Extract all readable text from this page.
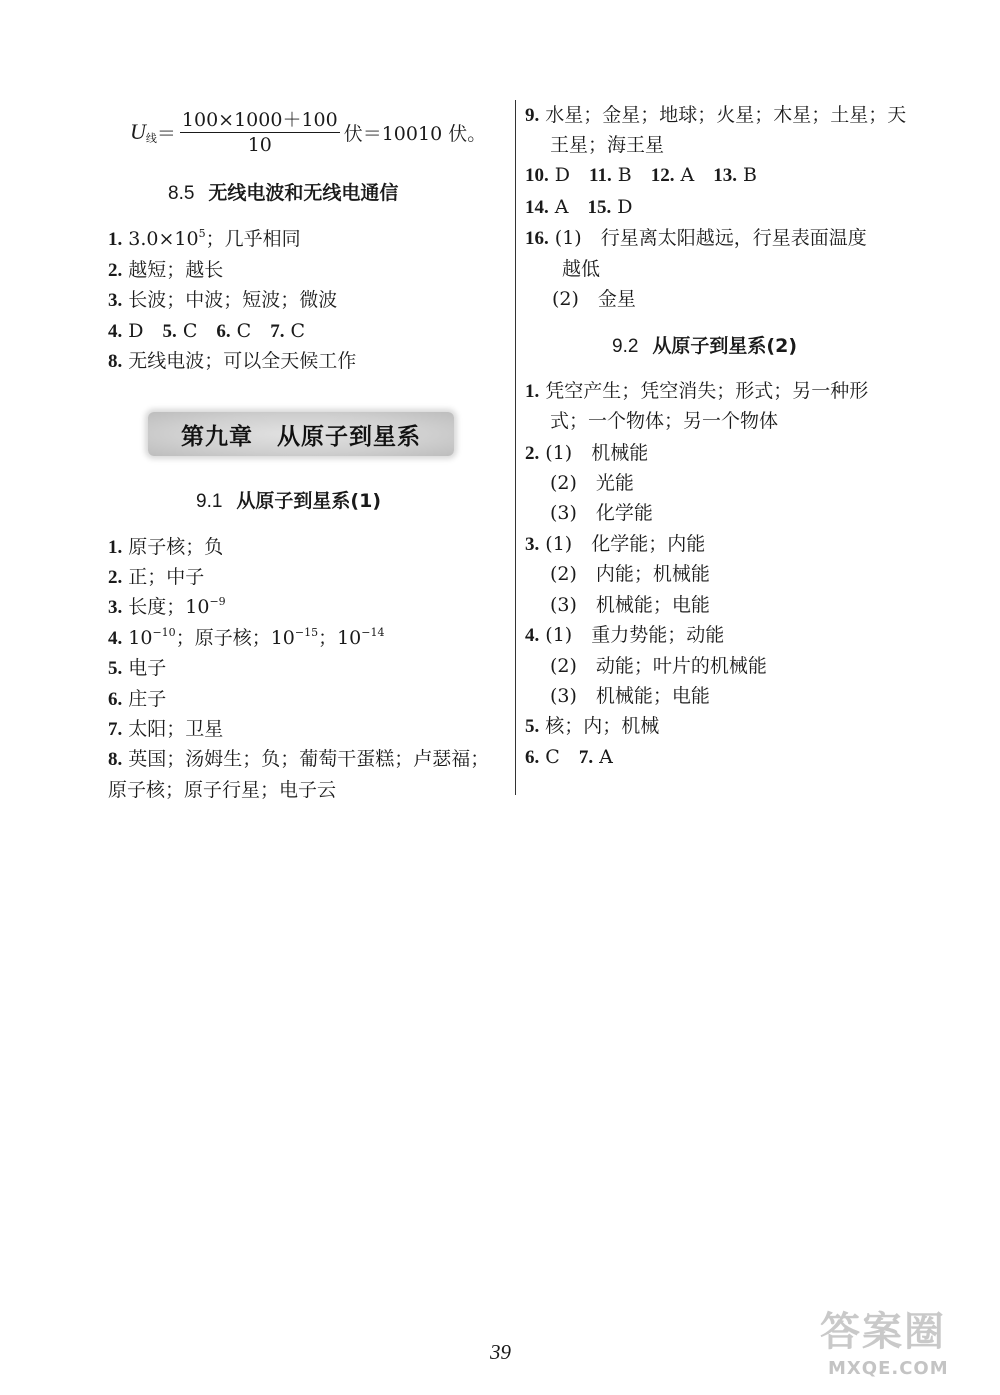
$U_线 = \frac{100\times 1000+100}{10}$ 伏＝10010 伏。
8.5 无线电波和无线电通信
1. $3.0\times 10^5$；几乎相同
2. 越短；越长
3. 长波；中波；短波；微波
4. D　5. C　6. C　7. C
8. 无线电波；可以全天候工作
第九章　从原子到星系
9.1 从原子到星系(1)
1. 原子核；负
2. 正；中子
3. 长度；$10^{-9}$
4. $10^{-10}$；原子核；$10^{-15}$；$10^{-14}$
5. 电子
6. 庄子
7. 太阳；卫星
8. 英国；汤姆生；负；葡萄干蛋糕；卢瑟福；
原子核；原子行星；电子云
9. 水星；金星；地球；火星；木星；土星；天
王星；海王星
10. D　11. B　12. A　13. B
14. A　15. D
16. (1)　行星离太阳越远，行星表面温度
越低
(2)　金星
9.2 从原子到星系(2)
1. 凭空产生；凭空消失；形式；另一种形
式；一个物体；另一个物体
2. (1)　机械能
(2)　光能
(3)　化学能
3. (1)　化学能；内能
(2)　内能；机械能
(3)　机械能；电能
4. (1)　重力势能；动能
(2)　动能；叶片的机械能
(3)　机械能；电能
5. 核；内；机械
6. C　7. A
39	答案圈
MXQE.COM
